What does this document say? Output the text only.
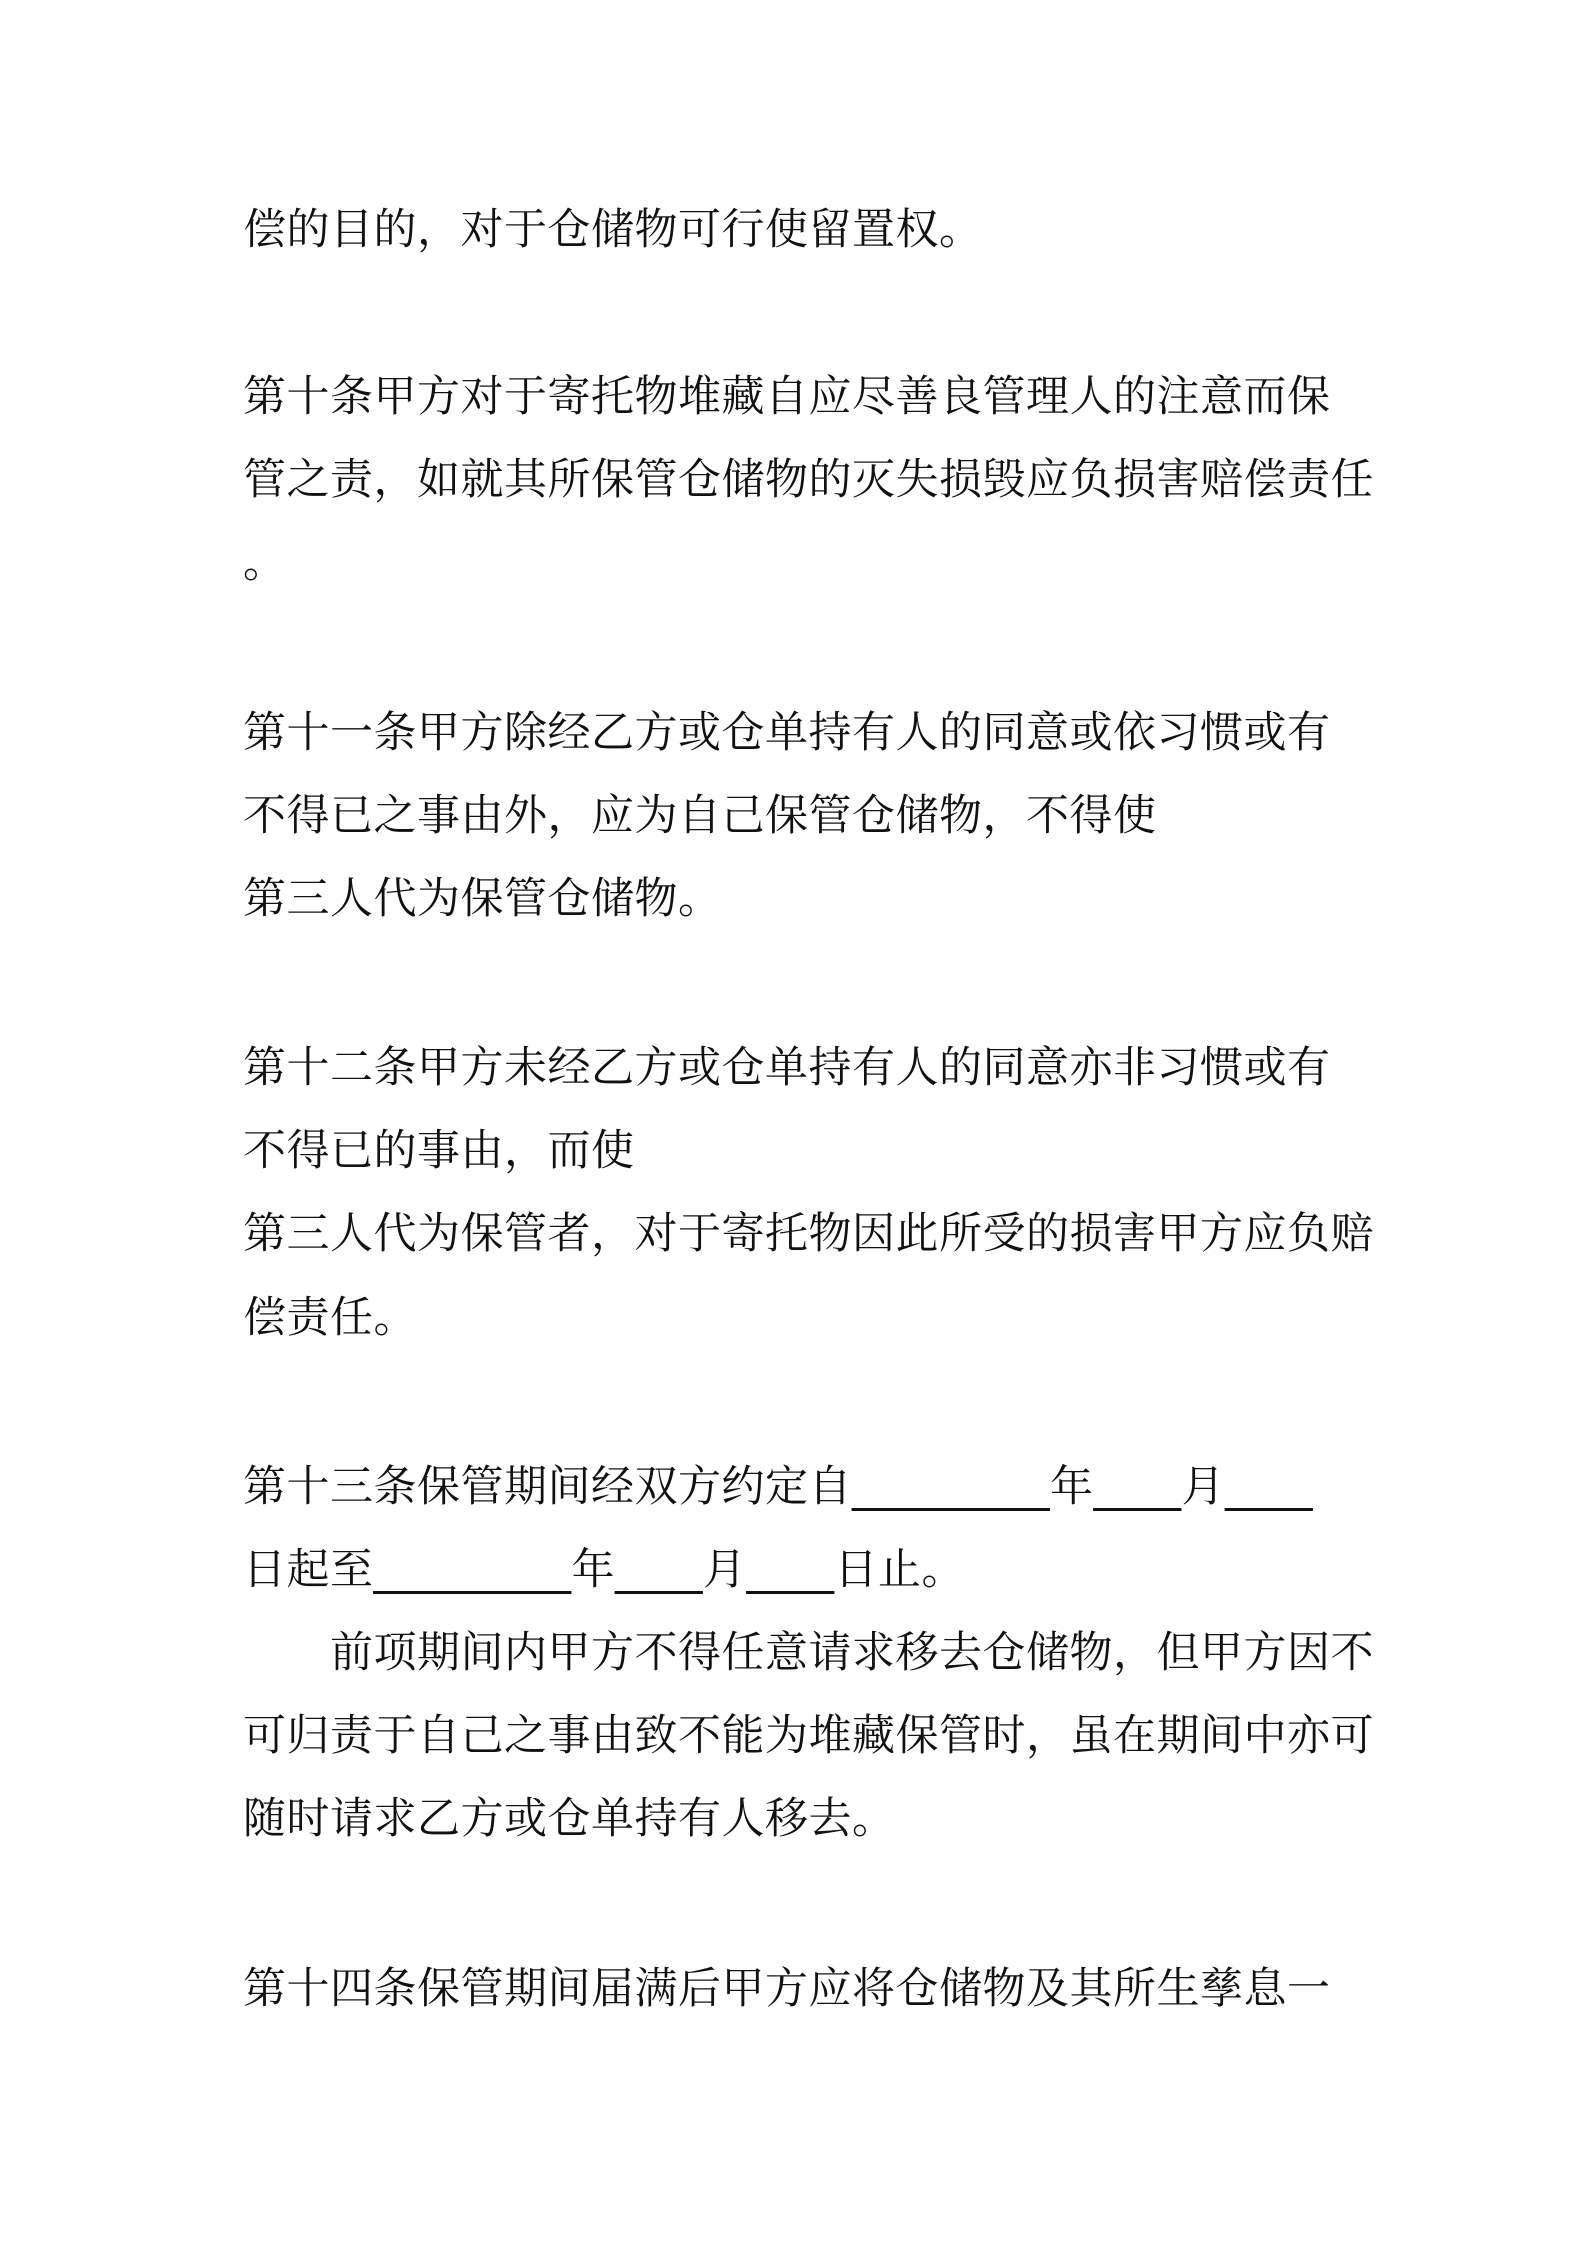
偿的目的，对于仓储物可行使留置权。
第十条甲方对于寄托物堆藏自应尽善良管理人的注意而保
管之责，如就其所保管仓储物的灭失损毁应负损害赔偿责任
。
第十一条甲方除经乙方或仓单持有人的同意或依习惯或有
不得已之事由外，应为自己保管仓储物，不得使
第三人代为保管仓储物。
第十二条甲方未经乙方或仓单持有人的同意亦非习惯或有
不得已的事由，而使
第三人代为保管者，对于寄托物因此所受的损害甲方应负赔
偿责任。
第十三条保管期间经双方约定自_________年____月____
日起至_________年____月____日止。
前项期间内甲方不得任意请求移去仓储物，但甲方因不
可归责于自己之事由致不能为堆藏保管时，虽在期间中亦可
随时请求乙方或仓单持有人移去。
第十四条保管期间届满后甲方应将仓储物及其所生孳息一
